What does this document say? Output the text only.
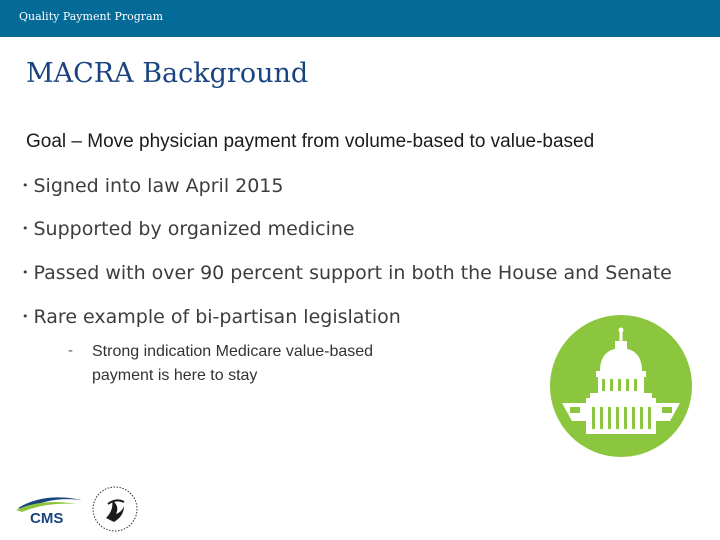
Quality Payment Program
MACRA Background
Goal – Move physician payment from volume-based to value-based
• Signed into law April 2015
• Supported by organized medicine
• Passed with over 90 percent support in both the House and Senate
• Rare example of bi-partisan legislation
- Strong indication Medicare value-based payment is here to stay
CMS
